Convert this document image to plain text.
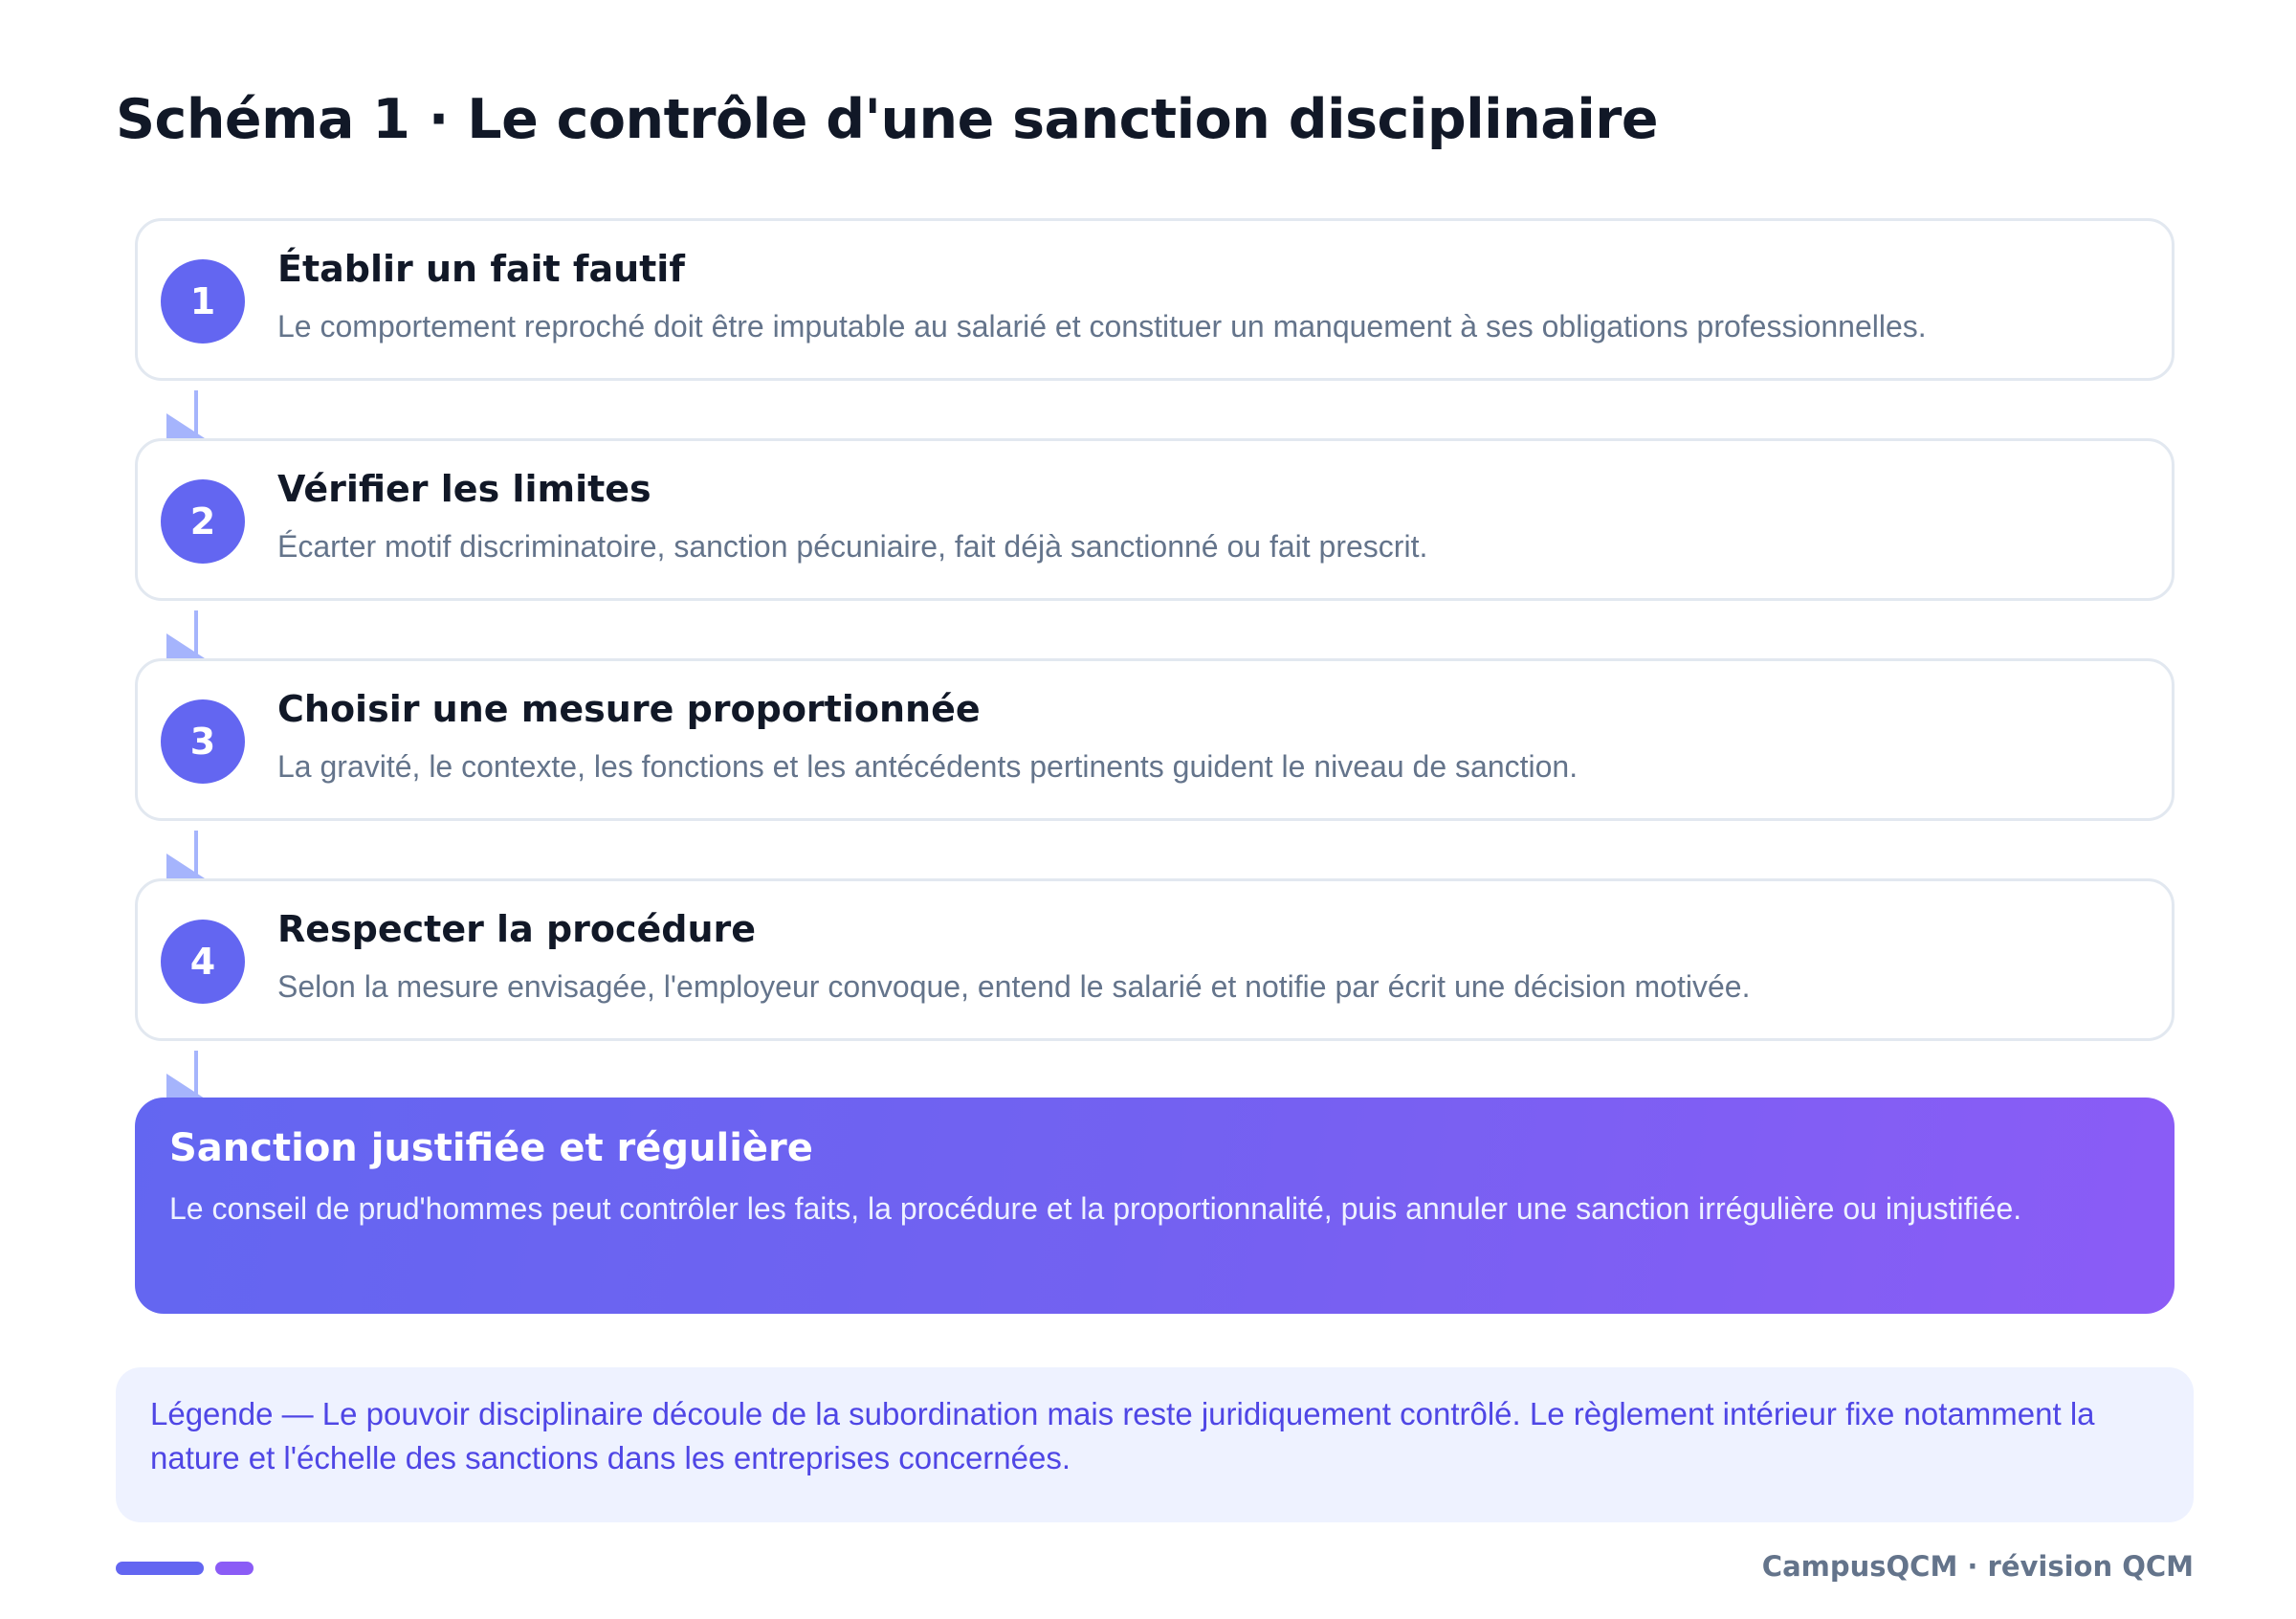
Schéma 1 · Le contrôle d'une sanction disciplinaire
1
Établir un fait fautif
Le comportement reproché doit être imputable au salarié et constituer un manquement à ses obligations professionnelles.
2
Vérifier les limites
Écarter motif discriminatoire, sanction pécuniaire, fait déjà sanctionné ou fait prescrit.
3
Choisir une mesure proportionnée
La gravité, le contexte, les fonctions et les antécédents pertinents guident le niveau de sanction.
4
Respecter la procédure
Selon la mesure envisagée, l'employeur convoque, entend le salarié et notifie par écrit une décision motivée.
Sanction justifiée et régulière
Le conseil de prud'hommes peut contrôler les faits, la procédure et la proportionnalité, puis annuler une sanction irrégulière ou injustifiée.
Légende — Le pouvoir disciplinaire découle de la subordination mais reste juridiquement contrôlé. Le règlement intérieur fixe notamment la nature et l'échelle des sanctions dans les entreprises concernées.
CampusQCM · révision QCM
